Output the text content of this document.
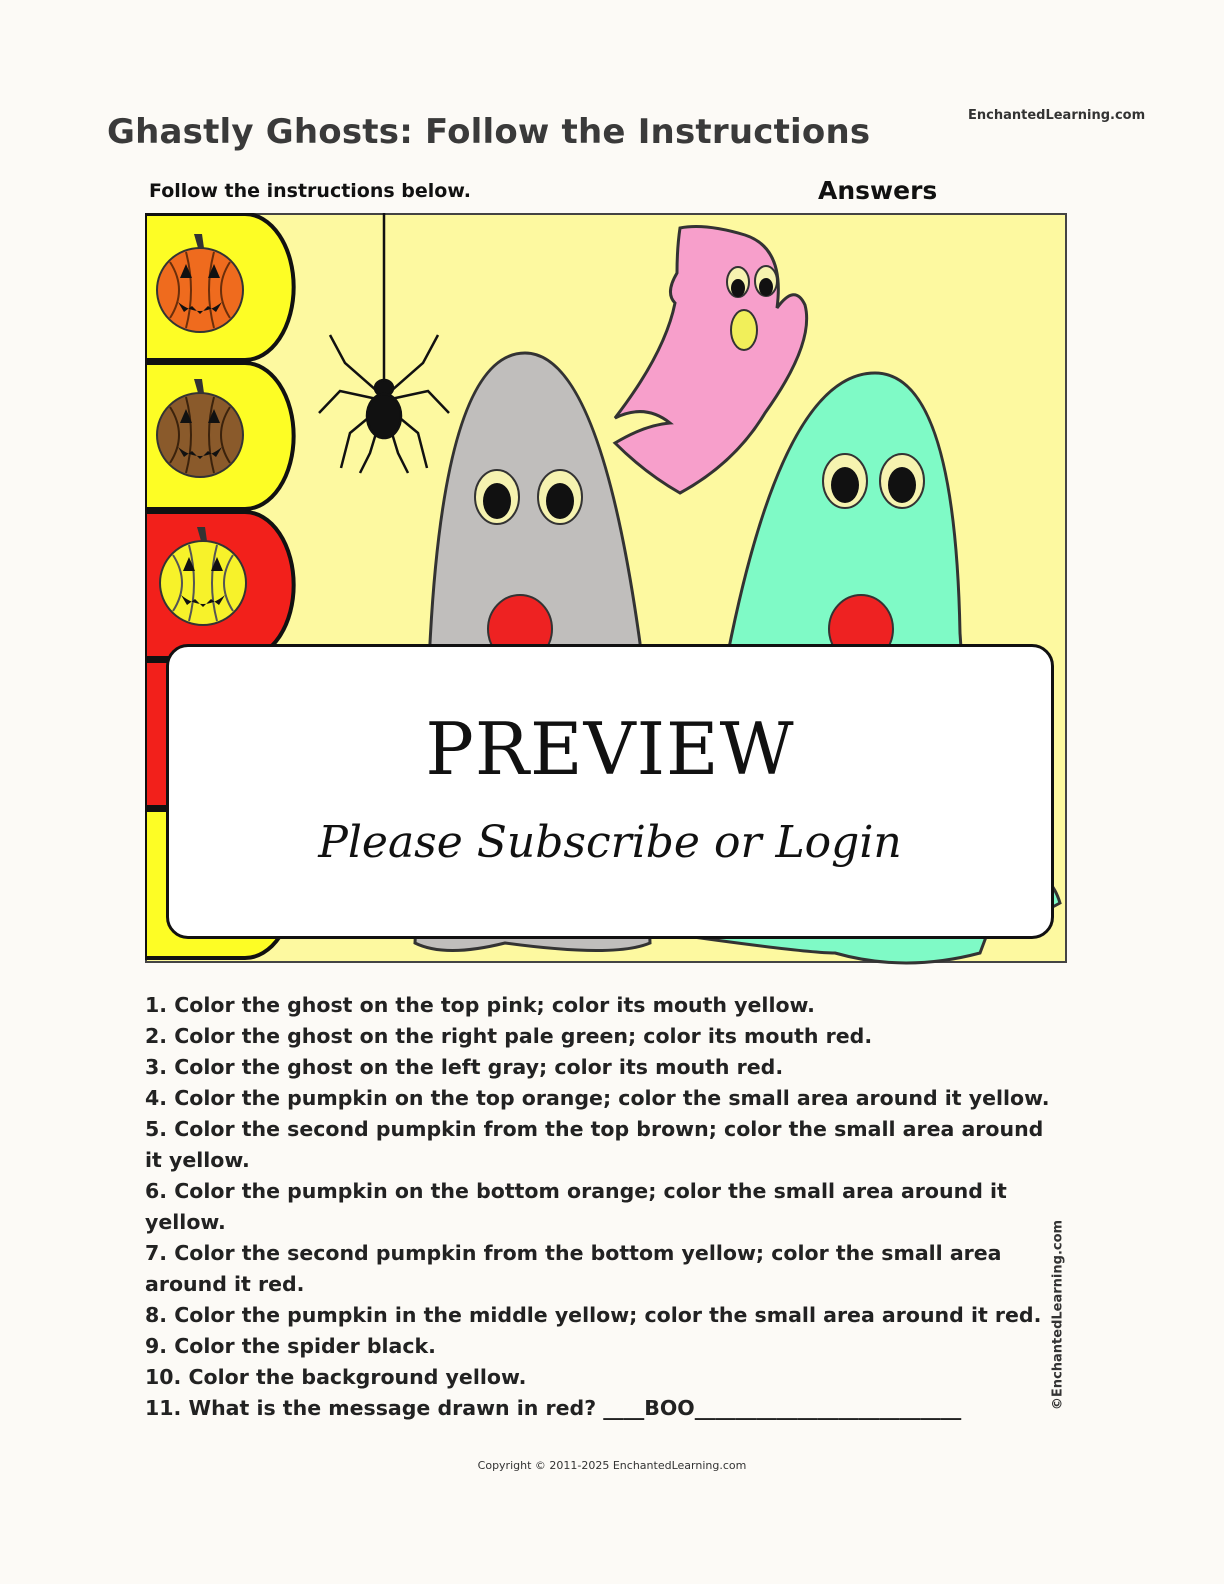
EnchantedLearning.com
Ghastly Ghosts: Follow the Instructions
Follow the instructions below.	Answers
PREVIEW
Please Subscribe or Login
1. Color the ghost on the top pink; color its mouth yellow.
2. Color the ghost on the right pale green; color its mouth red.
3. Color the ghost on the left gray; color its mouth red.
4. Color the pumpkin on the top orange; color the small area around it yellow.
5. Color the second pumpkin from the top brown; color the small area around it yellow.
6. Color the pumpkin on the bottom orange; color the small area around it yellow.
7. Color the second pumpkin from the bottom yellow; color the small area around it red.
8. Color the pumpkin in the middle yellow; color the small area around it red.
9. Color the spider black.
10. Color the background yellow.
11. What is the message drawn in red? ____BOO__________________________	©EnchantedLearning.com
Copyright © 2011-2025 EnchantedLearning.com
